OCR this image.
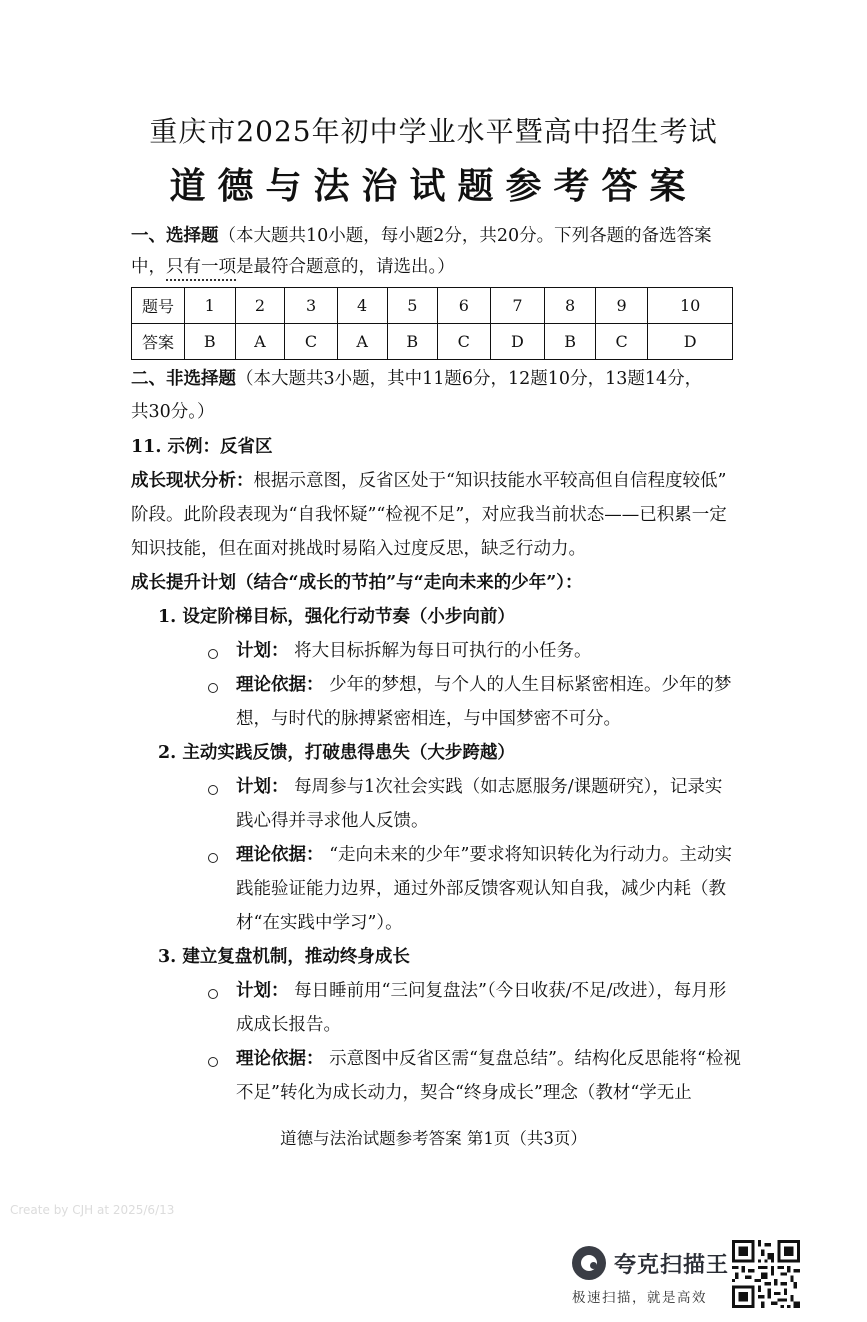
重庆市2025年初中学业水平暨高中招生考试
道德与法治试题参考答案
一、选择题（本大题共10小题，每小题2分，共20分。下列各题的备选答案
中，只有一项是最符合题意的，请选出。）
题号	1	2	3	4	5	6	7	8	9	10
答案	B	A	C	A	B	C	D	B	C	D
二、非选择题（本大题共3小题，其中11题6分，12题10分，13题14分，
共30分。）
11. 示例：反省区
成长现状分析：根据示意图，反省区处于“知识技能水平较高但自信程度较低”
阶段。此阶段表现为“自我怀疑”“检视不足”，对应我当前状态——已积累一定
知识技能，但在面对挑战时易陷入过度反思，缺乏行动力。
成长提升计划（结合“成长的节拍”与“走向未来的少年”）：
1. 设定阶梯目标，强化行动节奏（小步向前）
计划： 将大目标拆解为每日可执行的小任务。
理论依据： 少年的梦想，与个人的人生目标紧密相连。少年的梦
想，与时代的脉搏紧密相连，与中国梦密不可分。
2. 主动实践反馈，打破患得患失（大步跨越）
计划： 每周参与1次社会实践（如志愿服务/课题研究），记录实
践心得并寻求他人反馈。
理论依据： “走向未来的少年”要求将知识转化为行动力。主动实
践能验证能力边界，通过外部反馈客观认知自我，减少内耗（教
材“在实践中学习”）。
3. 建立复盘机制，推动终身成长
计划： 每日睡前用“三问复盘法”（今日收获/不足/改进），每月形
成成长报告。
理论依据： 示意图中反省区需“复盘总结”。结构化反思能将“检视
不足”转化为成长动力，契合“终身成长”理念（教材“学无止
道德与法治试题参考答案 第1页（共3页）
Create by CJH at 2025/6/13
夸克扫描王
极速扫描，就是高效
